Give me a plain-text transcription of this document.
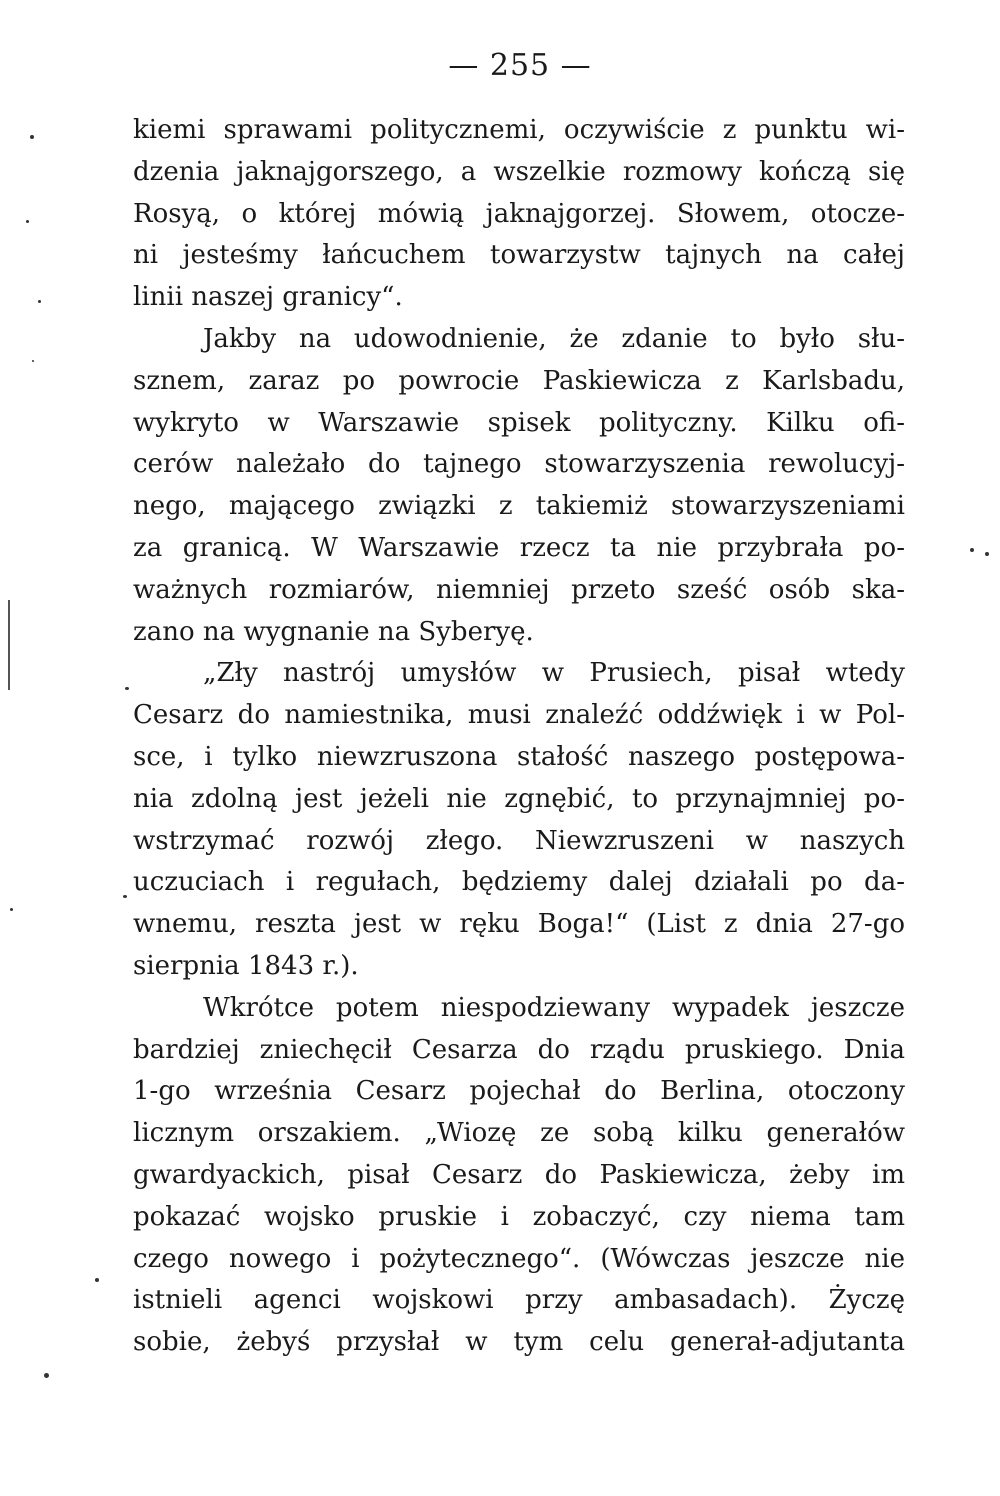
— 255 —
kiemi sprawami politycznemi, oczywiście z punktu wi-
dzenia jaknajgorszego, a wszelkie rozmowy kończą się
Rosyą, o której mówią jaknajgorzej. Słowem, otocze-
ni jesteśmy łańcuchem towarzystw tajnych na całej
linii naszej granicy“.
Jakby na udowodnienie, że zdanie to było słu-
sznem, zaraz po powrocie Paskiewicza z Karlsbadu,
wykryto w Warszawie spisek polityczny. Kilku ofi-
cerów należało do tajnego stowarzyszenia rewolucyj-
nego, mającego związki z takiemiż stowarzyszeniami
za granicą. W Warszawie rzecz ta nie przybrała po-
ważnych rozmiarów, niemniej przeto sześć osób ska-
zano na wygnanie na Syberyę.
„Zły nastrój umysłów w Prusiech, pisał wtedy
Cesarz do namiestnika, musi znaleźć oddźwięk i w Pol-
sce, i tylko niewzruszona stałość naszego postępowa-
nia zdolną jest jeżeli nie zgnębić, to przynajmniej po-
wstrzymać rozwój złego. Niewzruszeni w naszych
uczuciach i regułach, będziemy dalej działali po da-
wnemu, reszta jest w ręku Boga!“ (List z dnia 27-go
sierpnia 1843 r.).
Wkrótce potem niespodziewany wypadek jeszcze
bardziej zniechęcił Cesarza do rządu pruskiego. Dnia
1-go września Cesarz pojechał do Berlina, otoczony
licznym orszakiem. „Wiozę ze sobą kilku generałów
gwardyackich, pisał Cesarz do Paskiewicza, żeby im
pokazać wojsko pruskie i zobaczyć, czy niema tam
czego nowego i pożytecznego“. (Wówczas jeszcze nie
istnieli agenci wojskowi przy ambasadach). Życzę
sobie, żebyś przysłał w tym celu generał-adjutanta
